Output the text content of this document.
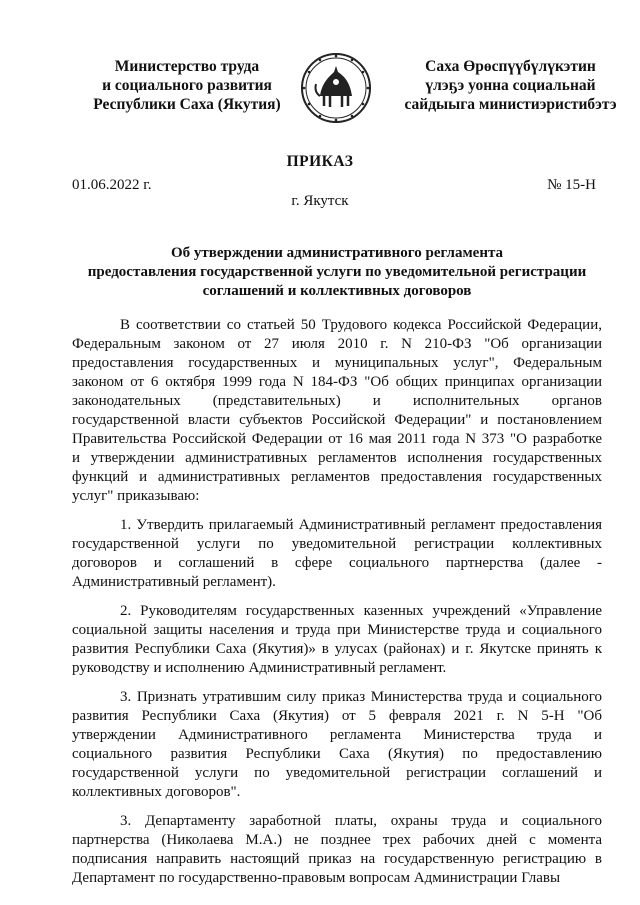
Министерство труда
и социального развития
Республики Саха (Якутия)
Саха Өрөспүүбүлүкэтин
үлэҕэ уонна социальнай
сайдыыга министиэристибэтэ
ПРИКАЗ
01.06.2022 г.	№ 15-Н
г. Якутск
Об утверждении административного регламента
предоставления государственной услуги по уведомительной регистрации
соглашений и коллективных договоров
В соответствии со статьей 50 Трудового кодекса Российской Федерации,
Федеральным законом от 27 июля 2010 г. N 210-ФЗ "Об организации
предоставления государственных и муниципальных услуг", Федеральным
законом от 6 октября 1999 года N 184-ФЗ "Об общих принципах организации
законодательных (представительных) и исполнительных органов
государственной власти субъектов Российской Федерации" и постановлением
Правительства Российской Федерации от 16 мая 2011 года N 373 "О разработке
и утверждении административных регламентов исполнения государственных
функций и административных регламентов предоставления государственных
услуг" приказываю:
1. Утвердить прилагаемый Административный регламент предоставления
государственной услуги по уведомительной регистрации коллективных
договоров и соглашений в сфере социального партнерства (далее -
Административный регламент).
2. Руководителям государственных казенных учреждений «Управление
социальной защиты населения и труда при Министерстве труда и социального
развития Республики Саха (Якутия)» в улусах (районах) и г. Якутске принять к
руководству и исполнению Административный регламент.
3. Признать утратившим силу приказ Министерства труда и социального
развития Республики Саха (Якутия) от 5 февраля 2021 г. N 5-Н "Об
утверждении Административного регламента Министерства труда и
социального развития Республики Саха (Якутия) по предоставлению
государственной услуги по уведомительной регистрации соглашений и
коллективных договоров".
3. Департаменту заработной платы, охраны труда и социального
партнерства (Николаева М.А.) не позднее трех рабочих дней с момента
подписания направить настоящий приказ на государственную регистрацию в
Департамент по государственно-правовым вопросам Администрации Главы
